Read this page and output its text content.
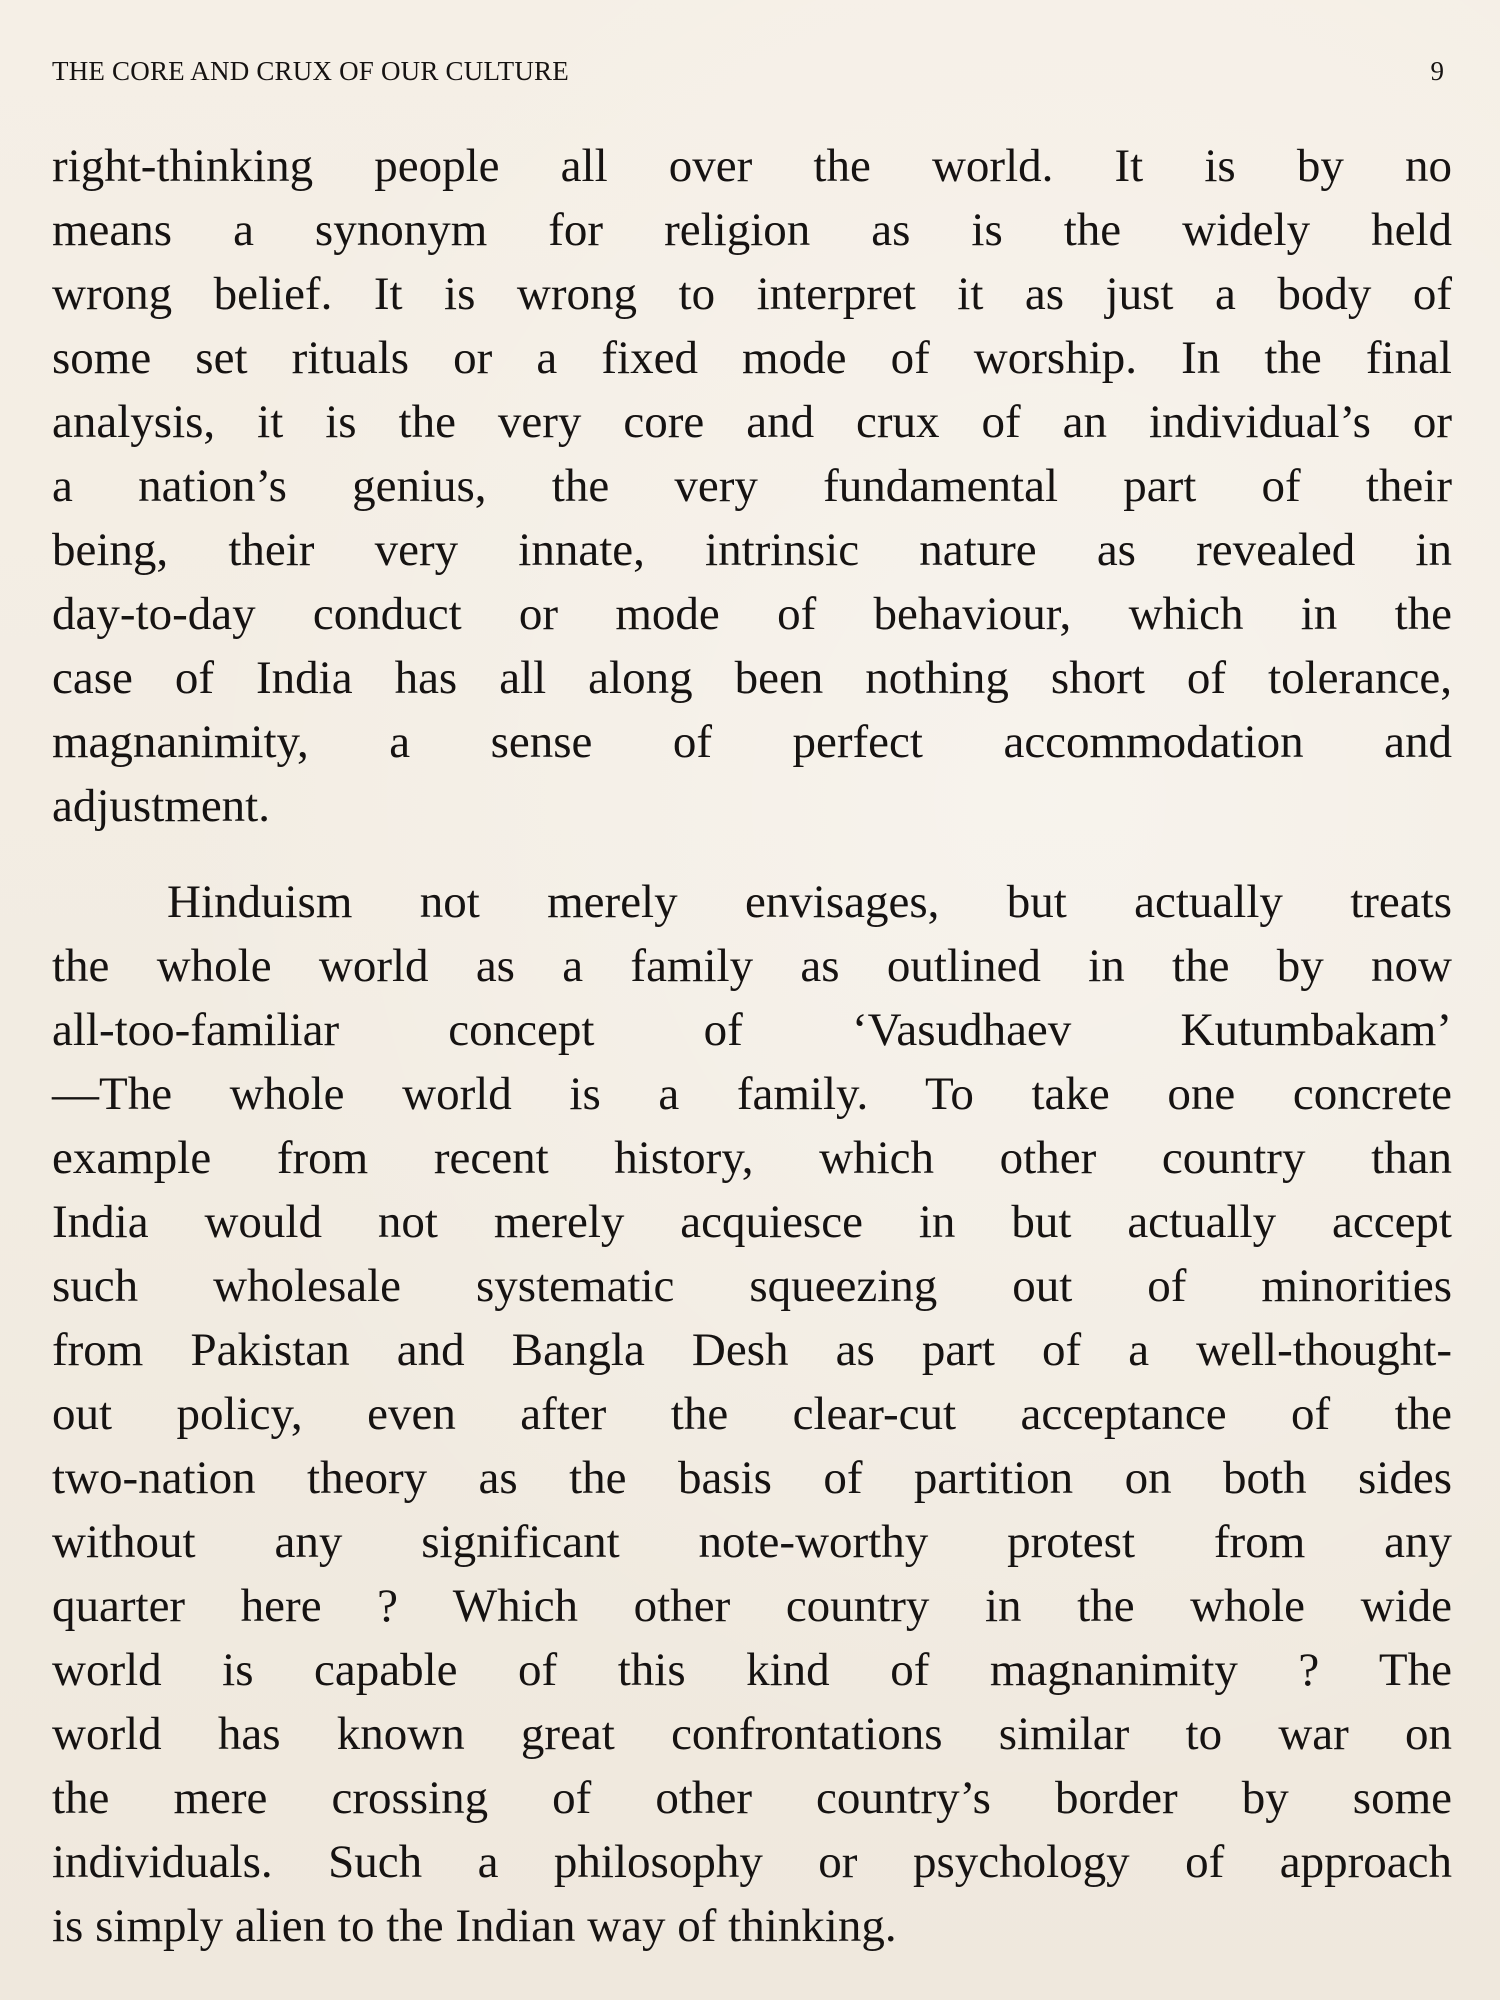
THE CORE AND CRUX OF OUR CULTURE	9
right-thinking people all over the world. It is by no
means a synonym for religion as is the widely held
wrong belief. It is wrong to interpret it as just a body of
some set rituals or a fixed mode of worship. In the final
analysis, it is the very core and crux of an individual’s or
a nation’s genius, the very fundamental part of their
being, their very innate, intrinsic nature as revealed in
day-to-day conduct or mode of behaviour, which in the
case of India has all along been nothing short of tolerance,
magnanimity, a sense of perfect accommodation and
adjustment.
Hinduism not merely envisages, but actually treats
the whole world as a family as outlined in the by now
all-too-familiar concept of ‘Vasudhaev Kutumbakam’
—The whole world is a family. To take one concrete
example from recent history, which other country than
India would not merely acquiesce in but actually accept
such wholesale systematic squeezing out of minorities
from Pakistan and Bangla Desh as part of a well-thought-
out policy, even after the clear-cut acceptance of the
two-nation theory as the basis of partition on both sides
without any significant note-worthy protest from any
quarter here ? Which other country in the whole wide
world is capable of this kind of magnanimity ? The
world has known great confrontations similar to war on
the mere crossing of other country’s border by some
individuals. Such a philosophy or psychology of approach
is simply alien to the Indian way of thinking.
